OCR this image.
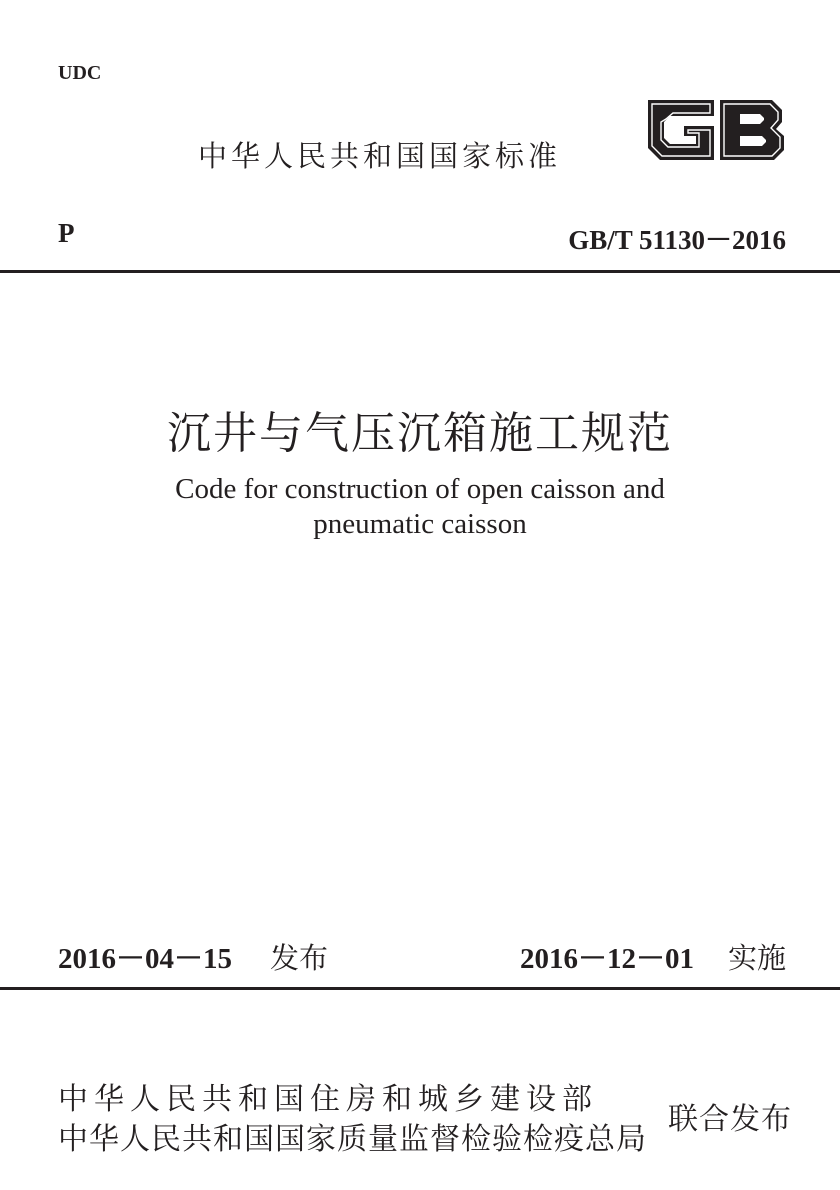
UDC
中华人民共和国国家标准
P	GB/T 51130－2016
沉井与气压沉箱施工规范
Code for construction of open caisson and
pneumatic caisson
2016－04－15 发布	2016－12－01 实施
中华人民共和国住房和城乡建设部
中华人民共和国国家质量监督检验检疫总局
联合发布
